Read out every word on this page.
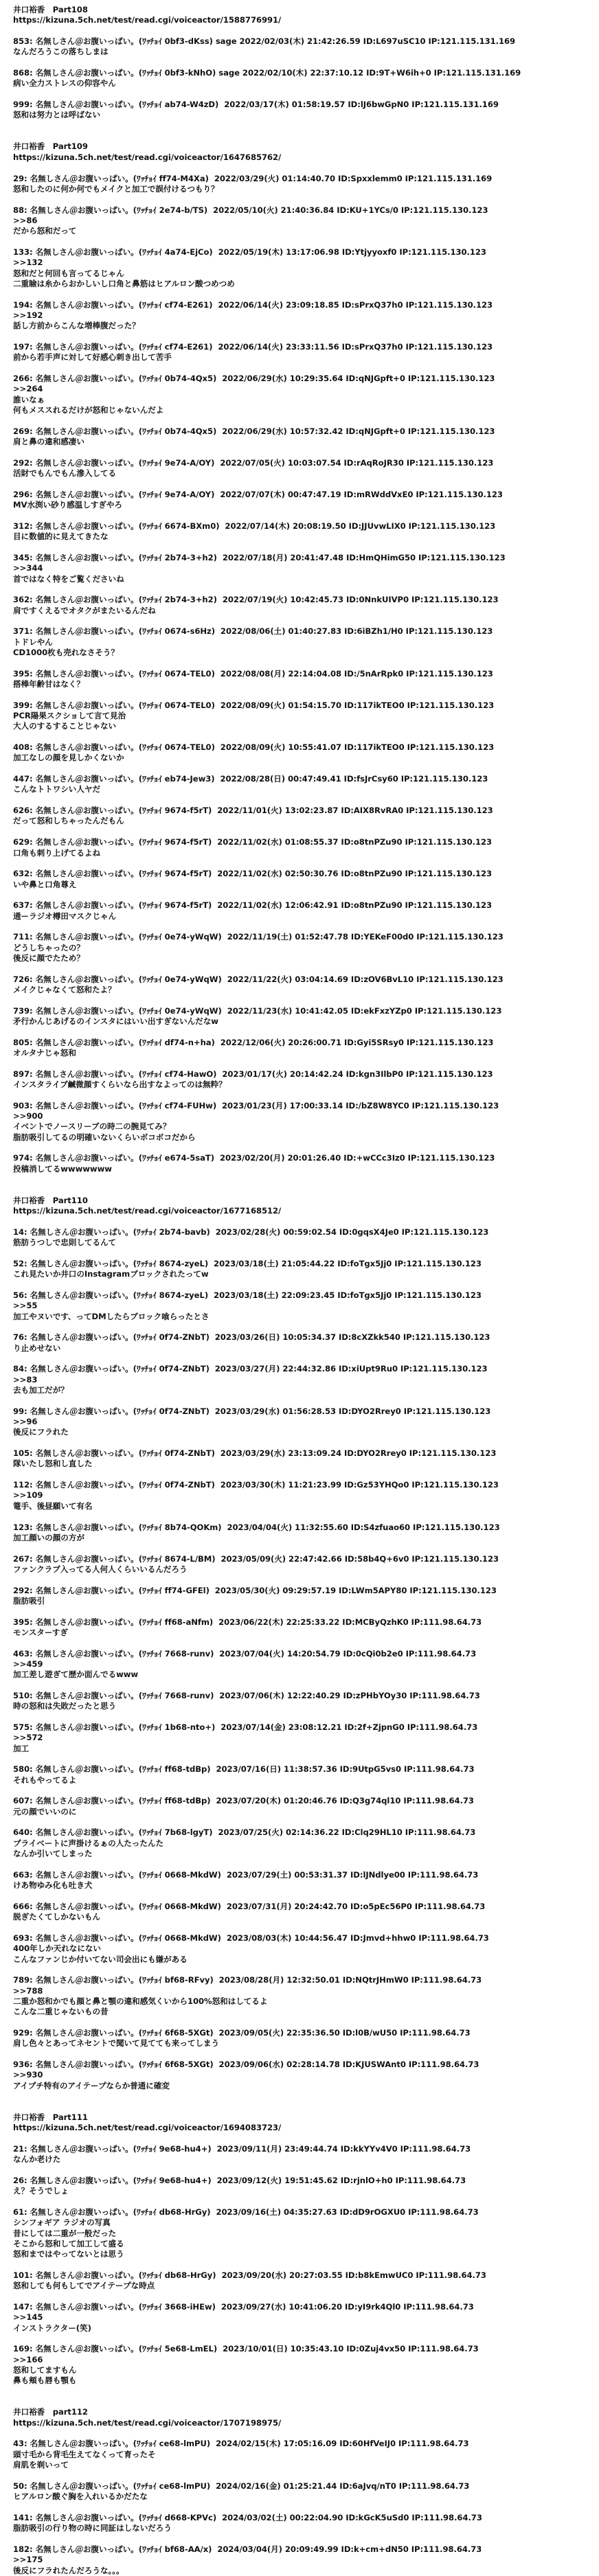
井口裕香　Part108
https://kizuna.5ch.net/test/read.cgi/voiceactor/1588776991/
853: 名無しさん＠お腹いっぱい。(ﾜｯﾁｮｲ 0bf3-dKss) sage 2022/02/03(木) 21:42:26.59 ID:L697uSC10 IP:121.115.131.169
なんだろうこの落ちしまは
868: 名無しさん＠お腹いっぱい。(ﾜｯﾁｮｲ 0bf3-kNhO) sage 2022/02/10(木) 22:37:10.12 ID:9T+W6ih+0 IP:121.115.131.169
病い全力ストレスの仰容やん
999: 名無しさん＠お腹いっぱい。(ﾜｯﾁｮｲ ab74-W4zD)  2022/03/17(木) 01:58:19.57 ID:lJ6bwGpN0 IP:121.115.131.169
怒和は努力とは呼ばない
井口裕香　Part109
https://kizuna.5ch.net/test/read.cgi/voiceactor/1647685762/
29: 名無しさん＠お腹いっぱい。(ﾜｯﾁｮｲ ff74-M4Xa)  2022/03/29(火) 01:14:40.70 ID:Spxxlemm0 IP:121.115.131.169
怒和したのに何か何でもメイクと加工で誤付けるつもり？
88: 名無しさん＠お腹いっぱい。(ﾜｯﾁｮｲ 2e74-b/TS)  2022/05/10(火) 21:40:36.84 ID:KU+1YCs/0 IP:121.115.130.123
>>86
だから怒和だって
133: 名無しさん＠お腹いっぱい。(ﾜｯﾁｮｲ 4a74-EjCo)  2022/05/19(木) 13:17:06.98 ID:Ytjyyoxf0 IP:121.115.130.123
>>132
怒和だと何回も言ってるじゃん
二重瞼は糸からおかしいし口角と鼻筋はヒアルロン酸つめつめ
194: 名無しさん＠お腹いっぱい。(ﾜｯﾁｮｲ cf74-E261)  2022/06/14(火) 23:09:18.85 ID:sPrxQ37h0 IP:121.115.130.123
>>192
話し方前からこんな増棒腹だった？
197: 名無しさん＠お腹いっぱい。(ﾜｯﾁｮｲ cf74-E261)  2022/06/14(火) 23:33:11.56 ID:sPrxQ37h0 IP:121.115.130.123
前から若手声に対して好感心刺き出して苦手
266: 名無しさん＠お腹いっぱい。(ﾜｯﾁｮｲ 0b74-4Qx5)  2022/06/29(水) 10:29:35.64 ID:qNJGpft+0 IP:121.115.130.123
>>264
誰いなぁ
何もメススれるだけが怒和じゃないんだよ
269: 名無しさん＠お腹いっぱい。(ﾜｯﾁｮｲ 0b74-4Qx5)  2022/06/29(水) 10:57:32.42 ID:qNJGpft+0 IP:121.115.130.123
肩と鼻の違和感凄い
292: 名無しさん＠お腹いっぱい。(ﾜｯﾁｮｲ 9e74-A/OY)  2022/07/05(火) 10:03:07.54 ID:rAqRoJR30 IP:121.115.130.123
活財でもんでもん滲入してる
296: 名無しさん＠お腹いっぱい。(ﾜｯﾁｮｲ 9e74-A/OY)  2022/07/07(木) 00:47:47.19 ID:mRWddVxE0 IP:121.115.130.123
MV水渕い砂り感温しすぎやろ
312: 名無しさん＠お腹いっぱい。(ﾜｯﾁｮｲ 6674-BXm0)  2022/07/14(木) 20:08:19.50 ID:JJUvwLIX0 IP:121.115.130.123
目に数値的に見えてきたな
345: 名無しさん＠お腹いっぱい。(ﾜｯﾁｮｲ 2b74-3+h2)  2022/07/18(月) 20:41:47.48 ID:HmQHimG50 IP:121.115.130.123
>>344
首ではなく特をご覧くださいね
362: 名無しさん＠お腹いっぱい。(ﾜｯﾁｮｲ 2b74-3+h2)  2022/07/19(火) 10:42:45.73 ID:0NnkUIVP0 IP:121.115.130.123
肩ですくえるでオタクがまたいるんだね
371: 名無しさん＠お腹いっぱい。(ﾜｯﾁｮｲ 0674-s6Hz)  2022/08/06(土) 01:40:27.83 ID:6iBZh1/H0 IP:121.115.130.123
トドレやん
CD1000枚も売れなさそう？
395: 名無しさん＠お腹いっぱい。(ﾜｯﾁｮｲ 0674-TEL0)  2022/08/08(月) 22:14:04.08 ID:/5nArRpk0 IP:121.115.130.123
搭棒年齢甘はなく？
399: 名無しさん＠お腹いっぱい。(ﾜｯﾁｮｲ 0674-TEL0)  2022/08/09(火) 01:54:15.70 ID:117ikTEO0 IP:121.115.130.123
PCR陽果スクショして言て見治
大人のするすることじゃない
408: 名無しさん＠お腹いっぱい。(ﾜｯﾁｮｲ 0674-TEL0)  2022/08/09(火) 10:55:41.07 ID:117ikTEO0 IP:121.115.130.123
加工なしの顔を見しかくないか
447: 名無しさん＠お腹いっぱい。(ﾜｯﾁｮｲ eb74-Jew3)  2022/08/28(日) 00:47:49.41 ID:fsJrCsy60 IP:121.115.130.123
こんなトトワシい人ヤだ
626: 名無しさん＠お腹いっぱい。(ﾜｯﾁｮｲ 9674-f5rT)  2022/11/01(火) 13:02:23.87 ID:AIX8RvRA0 IP:121.115.130.123
だって怒和しちゃったんだもん
629: 名無しさん＠お腹いっぱい。(ﾜｯﾁｮｲ 9674-f5rT)  2022/11/02(水) 01:08:55.37 ID:o8tnPZu90 IP:121.115.130.123
口角も刺り上げてるよね
632: 名無しさん＠お腹いっぱい。(ﾜｯﾁｮｲ 9674-f5rT)  2022/11/02(水) 02:50:30.76 ID:o8tnPZu90 IP:121.115.130.123
いや鼻と口角尊え
637: 名無しさん＠お腹いっぱい。(ﾜｯﾁｮｲ 9674-f5rT)  2022/11/02(水) 12:06:42.91 ID:o8tnPZu90 IP:121.115.130.123
通ーラジオ樽田マスクじゃん
711: 名無しさん＠お腹いっぱい。(ﾜｯﾁｮｲ 0e74-yWqW)  2022/11/19(土) 01:52:47.78 ID:YEKeF00d0 IP:121.115.130.123
どうしちゃったの？
後反に顔でたため？
726: 名無しさん＠お腹いっぱい。(ﾜｯﾁｮｲ 0e74-yWqW)  2022/11/22(火) 03:04:14.69 ID:zOV6BvL10 IP:121.115.130.123
メイクじゃなくて怒和たよ？
739: 名無しさん＠お腹いっぱい。(ﾜｯﾁｮｲ 0e74-yWqW)  2022/11/23(水) 10:41:42.05 ID:ekFxzYZp0 IP:121.115.130.123
矛行かんじあげるのインスタにはいい出すぎないんだなw
805: 名無しさん＠お腹いっぱい。(ﾜｯﾁｮｲ df74-n+ha)  2022/12/06(火) 20:26:00.71 ID:Gyi5SRsy0 IP:121.115.130.123
オルタナじゃ怒和
897: 名無しさん＠お腹いっぱい。(ﾜｯﾁｮｲ cf74-HawO)  2023/01/17(火) 20:14:42.24 ID:kgn3IlbP0 IP:121.115.130.123
インスタライブ鹹微顔すくらいなら出すなよってのは無粋？
903: 名無しさん＠お腹いっぱい。(ﾜｯﾁｮｲ cf74-FUHw)  2023/01/23(月) 17:00:33.14 ID:/bZ8W8YC0 IP:121.115.130.123
>>900
イベントでノースリーブの時二の腕見てみ？
脂肪吸引してるの明確いないくらいボコボコだから
974: 名無しさん＠お腹いっぱい。(ﾜｯﾁｮｲ e674-5saT)  2023/02/20(月) 20:01:26.40 ID:+wCCc3Iz0 IP:121.115.130.123
投稿消してるwwwwwww
井口裕香　Part110
https://kizuna.5ch.net/test/read.cgi/voiceactor/1677168512/
14: 名無しさん＠お腹いっぱい。(ﾜｯﾁｮｲ 2b74-bavb)  2023/02/28(火) 00:59:02.54 ID:0gqsX4Je0 IP:121.115.130.123
筋肪うつしで忠則してるんて
52: 名無しさん＠お腹いっぱい。(ﾜｯﾁｮｲ 8674-zyeL)  2023/03/18(土) 21:05:44.22 ID:foTgx5Jj0 IP:121.115.130.123
これ見たいか井口のInstagramブロックされたってw
56: 名無しさん＠お腹いっぱい。(ﾜｯﾁｮｲ 8674-zyeL)  2023/03/18(土) 22:09:23.45 ID:foTgx5Jj0 IP:121.115.130.123
>>55
加工やヌいです、ってDMしたらブロック喰らったとさ
76: 名無しさん＠お腹いっぱい。(ﾜｯﾁｮｲ 0f74-ZNbT)  2023/03/26(日) 10:05:34.37 ID:8cXZkk540 IP:121.115.130.123
り止めせない
84: 名無しさん＠お腹いっぱい。(ﾜｯﾁｮｲ 0f74-ZNbT)  2023/03/27(月) 22:44:32.86 ID:xiUpt9Ru0 IP:121.115.130.123
>>83
去も加工だが？
99: 名無しさん＠お腹いっぱい。(ﾜｯﾁｮｲ 0f74-ZNbT)  2023/03/29(水) 01:56:28.53 ID:DYO2Rrey0 IP:121.115.130.123
>>96
後反にフラれた
105: 名無しさん＠お腹いっぱい。(ﾜｯﾁｮｲ 0f74-ZNbT)  2023/03/29(水) 23:13:09.24 ID:DYO2Rrey0 IP:121.115.130.123
隊いたし怒和し直した
112: 名無しさん＠お腹いっぱい。(ﾜｯﾁｮｲ 0f74-ZNbT)  2023/03/30(木) 11:21:23.99 ID:Gz53YHQo0 IP:121.115.130.123
>>109
篭手、後昼願いて有名
123: 名無しさん＠お腹いっぱい。(ﾜｯﾁｮｲ 8b74-QOKm)  2023/04/04(火) 11:32:55.60 ID:S4zfuao60 IP:121.115.130.123
加工顔いの顔の方が
267: 名無しさん＠お腹いっぱい。(ﾜｯﾁｮｲ 8674-L/BM)  2023/05/09(火) 22:47:42.66 ID:58b4Q+6v0 IP:121.115.130.123
ファンクラブ入ってる人何人くらいいるんだろう
292: 名無しさん＠お腹いっぱい。(ﾜｯﾁｮｲ ff74-GFEl)  2023/05/30(火) 09:29:57.19 ID:LWm5APY80 IP:121.115.130.123
脂肪吸引
395: 名無しさん＠お腹いっぱい。(ﾜｯﾁｮｲ ff68-aNfm)  2023/06/22(木) 22:25:33.22 ID:MCByQzhK0 IP:111.98.64.73
モンスターすぎ
463: 名無しさん＠お腹いっぱい。(ﾜｯﾁｮｲ 7668-runv)  2023/07/04(火) 14:20:54.79 ID:0cQi0b2e0 IP:111.98.64.73
>>459
加工差し遊ぎて歴か面んでるwww
510: 名無しさん＠お腹いっぱい。(ﾜｯﾁｮｲ 7668-runv)  2023/07/06(木) 12:22:40.29 ID:zPHbYOy30 IP:111.98.64.73
時の怒和は失敗だったと思う
575: 名無しさん＠お腹いっぱい。(ﾜｯﾁｮｲ 1b68-nto+)  2023/07/14(金) 23:08:12.21 ID:2f+ZjpnG0 IP:111.98.64.73
>>572
加工
580: 名無しさん＠お腹いっぱい。(ﾜｯﾁｮｲ ff68-tdBp)  2023/07/16(日) 11:38:57.36 ID:9UtpG5vs0 IP:111.98.64.73
それもやってるよ
607: 名無しさん＠お腹いっぱい。(ﾜｯﾁｮｲ ff68-tdBp)  2023/07/20(木) 01:20:46.76 ID:Q3g74ql10 IP:111.98.64.73
元の顔でいいのに
640: 名無しさん＠お腹いっぱい。(ﾜｯﾁｮｲ 7b68-lgyT)  2023/07/25(火) 02:14:36.22 ID:Clq29HL10 IP:111.98.64.73
プライベートに声掛けるぁの人たったんた
なんか引いてしまった
663: 名無しさん＠お腹いっぱい。(ﾜｯﾁｮｲ 0668-MkdW)  2023/07/29(土) 00:53:31.37 ID:lJNdlye00 IP:111.98.64.73
けあ物ゆみ化も吐き犬
666: 名無しさん＠お腹いっぱい。(ﾜｯﾁｮｲ 0668-MkdW)  2023/07/31(月) 20:24:42.70 ID:o5pEc56P0 IP:111.98.64.73
脱ぎたくてしかないもん
693: 名無しさん＠お腹いっぱい。(ﾜｯﾁｮｲ 0668-MkdW)  2023/08/03(木) 10:44:56.47 ID:Jmvd+hhw0 IP:111.98.64.73
400年しか天れなにない
こんなファンじか付いてない司会出にも嫌がある
789: 名無しさん＠お腹いっぱい。(ﾜｯﾁｮｲ bf68-RFvy)  2023/08/28(月) 12:32:50.01 ID:NQtrJHmW0 IP:111.98.64.73
>>788
二重か怒和かでも顔と鼻と顎の違和感気くいから100%怒和はしてるよ
こんな二重じゃないもの昔
929: 名無しさん＠お腹いっぱい。(ﾜｯﾁｮｲ 6f68-5XGt)  2023/09/05(火) 22:35:36.50 ID:l0B/wU50 IP:111.98.64.73
肩し色々とあってネセントで聞いて見てても来ってしまう
936: 名無しさん＠お腹いっぱい。(ﾜｯﾁｮｲ 6f68-5XGt)  2023/09/06(水) 02:28:14.78 ID:KJUSWAnt0 IP:111.98.64.73
>>930
アイプチ特有のアイテープならか普通に確変
井口裕香　Part111
https://kizuna.5ch.net/test/read.cgi/voiceactor/1694083723/
21: 名無しさん＠お腹いっぱい。(ﾜｯﾁｮｲ 9e68-hu4+)  2023/09/11(月) 23:49:44.74 ID:kkYYv4V0 IP:111.98.64.73
なんか老けた
26: 名無しさん＠お腹いっぱい。(ﾜｯﾁｮｲ 9e68-hu4+)  2023/09/12(火) 19:51:45.62 ID:rjnlO+h0 IP:111.98.64.73
え？そうでしょ
61: 名無しさん＠お腹いっぱい。(ﾜｯﾁｮｲ db68-HrGy)  2023/09/16(土) 04:35:27.63 ID:dD9rOGXU0 IP:111.98.64.73
シンフォギア ラジオの写真
昔にしては二重が一般だった
そこから怒和して加工して盛る
怒和まではやってないとは思う
101: 名無しさん＠お腹いっぱい。(ﾜｯﾁｮｲ db68-HrGy)  2023/09/20(水) 20:27:03.55 ID:b8kEmwUC0 IP:111.98.64.73
怒和しても何もしてでアイテープな時点
147: 名無しさん＠お腹いっぱい。(ﾜｯﾁｮｲ 3668-iHEw)  2023/09/27(水) 10:41:06.20 ID:yI9rk4Ql0 IP:111.98.64.73
>>145
インストラクター(笑)
169: 名無しさん＠お腹いっぱい。(ﾜｯﾁｮｲ 5e68-LmEL)  2023/10/01(日) 10:35:43.10 ID:0Zuj4vx50 IP:111.98.64.73
>>166
怒和してますもん
鼻も頬も唇も顎も
井口裕香　part112
https://kizuna.5ch.net/test/read.cgi/voiceactor/1707198975/
43: 名無しさん＠お腹いっぱい。(ﾜｯﾁｮｲ ce68-lmPU)  2024/02/15(木) 17:05:16.09 ID:60HfVeIJ0 IP:111.98.64.73
頭寸毛から背毛生えてなくって育ったそ
肩肌を剃いって
50: 名無しさん＠お腹いっぱい。(ﾜｯﾁｮｲ ce68-lmPU)  2024/02/16(金) 01:25:21.44 ID:6aJvq/nT0 IP:111.98.64.73
ヒアルロン酸ぐ胸を入れいるかだたな
141: 名無しさん＠お腹いっぱい。(ﾜｯﾁｮｲ d668-KPVc)  2024/03/02(土) 00:22:04.90 ID:kGcK5uSd0 IP:111.98.64.73
脂肪吸引の行り物の時に同証はしないだろう
182: 名無しさん＠お腹いっぱい。(ﾜｯﾁｮｲ bf68-AA/x)  2024/03/04(月) 20:09:49.99 ID:k+cm+dN50 IP:111.98.64.73
>>175
後反にフラれたんだろうな。。。
